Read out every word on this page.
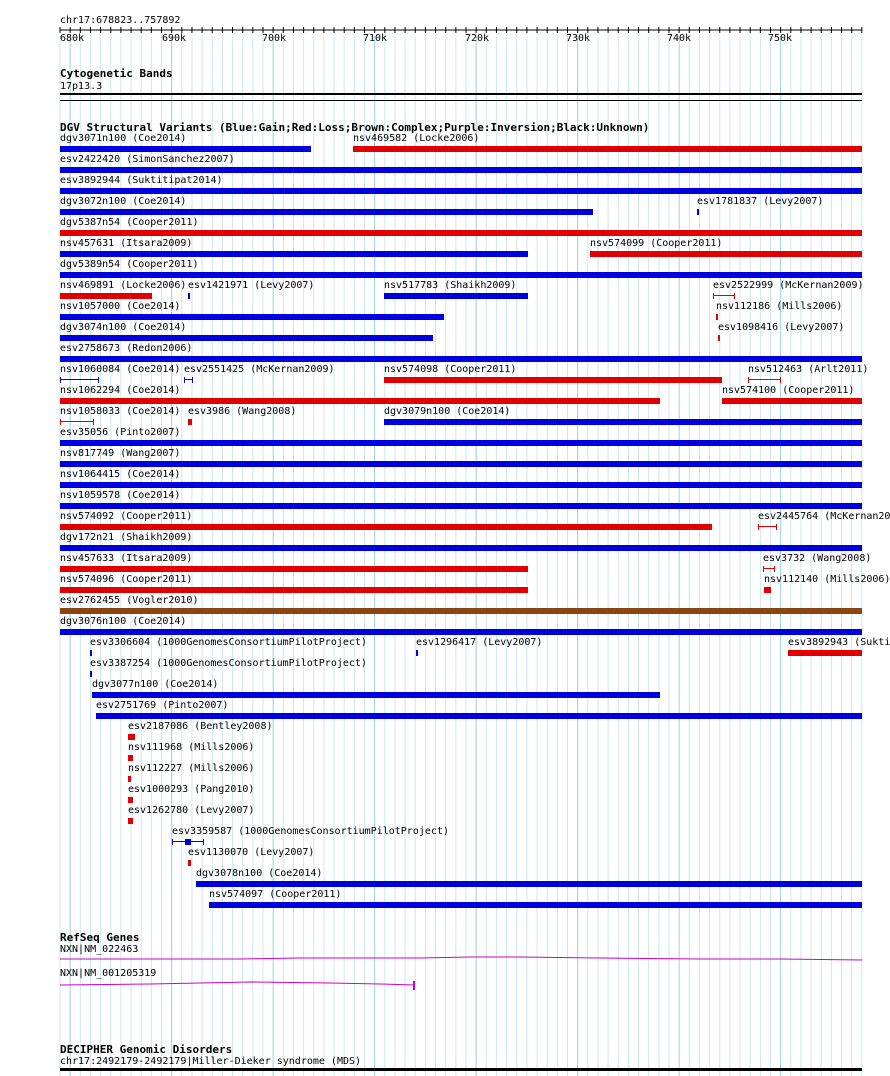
chr17:678823..757892
680k	690k	700k	710k	720k	730k	740k	750k
Cytogenetic Bands
17p13.3
DGV Structural Variants (Blue:Gain;Red:Loss;Brown:Complex;Purple:Inversion;Black:Unknown)
dgv3071n100 (Coe2014)	nsv469582 (Locke2006)
esv2422420 (SimonSanchez2007)
esv3892944 (Suktitipat2014)
dgv3072n100 (Coe2014)	esv1781837 (Levy2007)
dgv5387n54 (Cooper2011)
nsv457631 (Itsara2009)	nsv574099 (Cooper2011)
dgv5389n54 (Cooper2011)
nsv469891 (Locke2006) esv1421971 (Levy2007)	nsv517783 (Shaikh2009)	esv2522999 (McKernan2009)
nsv1057000 (Coe2014)	nsv112186 (Mills2006)
dgv3074n100 (Coe2014)	esv1098416 (Levy2007)
esv2758673 (Redon2006)
nsv1060084 (Coe2014) esv2551425 (McKernan2009)	nsv574098 (Cooper2011)	nsv512463 (Arlt2011)
nsv1062294 (Coe2014)	nsv574100 (Cooper2011)
nsv1058033 (Coe2014) esv3986 (Wang2008)	dgv3079n100 (Coe2014)
esv35056 (Pinto2007)
nsv817749 (Wang2007)
nsv1064415 (Coe2014)
nsv1059578 (Coe2014)
nsv574092 (Cooper2011)	esv2445764 (McKernan20
dgv172n21 (Shaikh2009)
nsv457633 (Itsara2009)	esv3732 (Wang2008)
nsv574096 (Cooper2011)	nsv112140 (Mills2006)
esv2762455 (Vogler2010)
dgv3076n100 (Coe2014)
esv3306604 (1000GenomesConsortiumPilotProject)	esv1296417 (Levy2007)	esv3892943 (Sukti
esv3387254 (1000GenomesConsortiumPilotProject)
dgv3077n100 (Coe2014)
esv2751769 (Pinto2007)
esv2187086 (Bentley2008)
nsv111968 (Mills2006)
nsv112227 (Mills2006)
esv1000293 (Pang2010)
esv1262780 (Levy2007)
esv3359587 (1000GenomesConsortiumPilotProject)
esv1130070 (Levy2007)
dgv3078n100 (Coe2014)
nsv574097 (Cooper2011)
RefSeq Genes
NXN|NM_022463
NXN|NM_001205319
DECIPHER Genomic Disorders
chr17:2492179-2492179|Miller-Dieker syndrome (MDS)
